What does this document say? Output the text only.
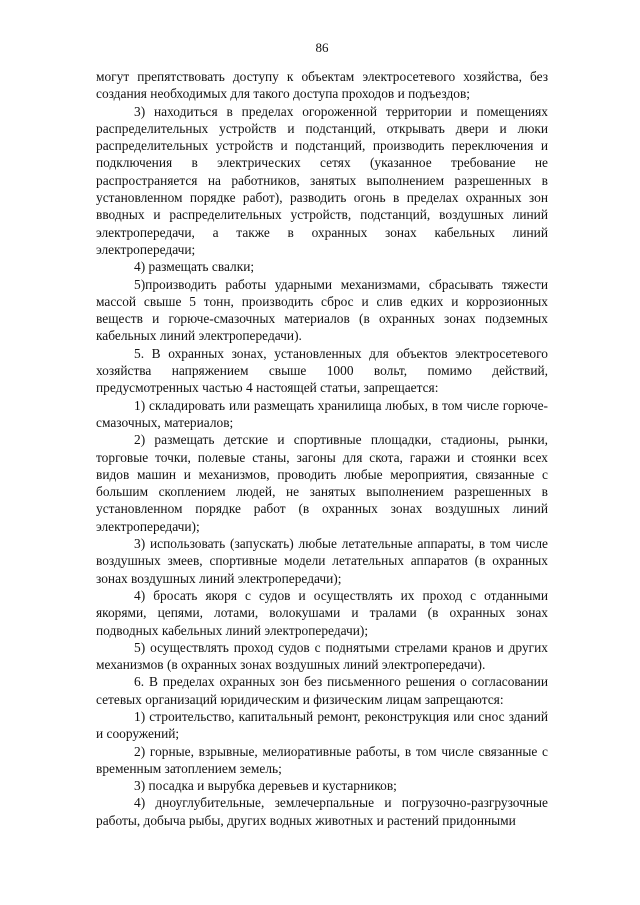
86

могут препятствовать доступу к объектам электросетевого хозяйства, без создания необходимых для такого доступа проходов и подъездов;

3) находиться в пределах огороженной территории и помещениях распределительных устройств и подстанций, открывать двери и люки распределительных устройств и подстанций, производить переключения и подключения в электрических сетях (указанное требование не распространяется на работников, занятых выполнением разрешенных в установленном порядке работ), разводить огонь в пределах охранных зон вводных и распределительных устройств, подстанций, воздушных линий электропередачи, а также в охранных зонах кабельных линий электропередачи;

4) размещать свалки;

5)производить работы ударными механизмами, сбрасывать тяжести массой свыше 5 тонн, производить сброс и слив едких и коррозионных веществ и горюче-смазочных материалов (в охранных зонах подземных кабельных линий электропередачи).

5. В охранных зонах, установленных для объектов электросетевого хозяйства напряжением свыше 1000 вольт, помимо действий, предусмотренных частью 4 настоящей статьи, запрещается:

1) складировать или размещать хранилища любых, в том числе горюче-смазочных, материалов;

2) размещать детские и спортивные площадки, стадионы, рынки, торговые точки, полевые станы, загоны для скота, гаражи и стоянки всех видов машин и механизмов, проводить любые мероприятия, связанные с большим скоплением людей, не занятых выполнением разрешенных в установленном порядке работ (в охранных зонах воздушных линий электропередачи);

3) использовать (запускать) любые летательные аппараты, в том числе воздушных змеев, спортивные модели летательных аппаратов (в охранных зонах воздушных линий электропередачи);

4) бросать якоря с судов и осуществлять их проход с отданными якорями, цепями, лотами, волокушами и тралами (в охранных зонах подводных кабельных линий электропередачи);

5) осуществлять проход судов с поднятыми стрелами кранов и других механизмов (в охранных зонах воздушных линий электропередачи).

6. В пределах охранных зон без письменного решения о согласовании сетевых организаций юридическим и физическим лицам запрещаются:

1) строительство, капитальный ремонт, реконструкция или снос зданий и сооружений;

2) горные, взрывные, мелиоративные работы, в том числе связанные с временным затоплением земель;

3) посадка и вырубка деревьев и кустарников;

4) дноуглубительные, землечерпальные и погрузочно-разгрузочные работы, добыча рыбы, других водных животных и растений придонными
